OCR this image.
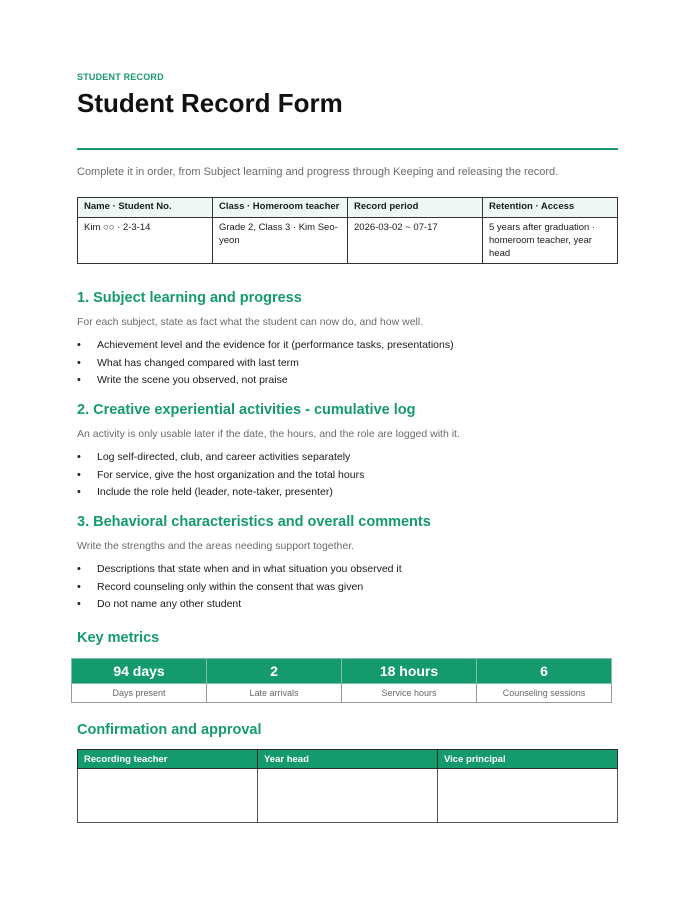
STUDENT RECORD
Student Record Form
Complete it in order, from Subject learning and progress through Keeping and releasing the record.
Name · Student No.	Class · Homeroom teacher	Record period	Retention · Access
Kim ○○ · 2-3-14	Grade 2, Class 3 · Kim Seo-yeon	2026-03-02 ~ 07-17	5 years after graduation · homeroom teacher, year head
1. Subject learning and progress
For each subject, state as fact what the student can now do, and how well.
• Achievement level and the evidence for it (performance tasks, presentations)
• What has changed compared with last term
• Write the scene you observed, not praise
2. Creative experiential activities - cumulative log
An activity is only usable later if the date, the hours, and the role are logged with it.
• Log self-directed, club, and career activities separately
• For service, give the host organization and the total hours
• Include the role held (leader, note-taker, presenter)
3. Behavioral characteristics and overall comments
Write the strengths and the areas needing support together.
• Descriptions that state when and in what situation you observed it
• Record counseling only within the consent that was given
• Do not name any other student
Key metrics
94 days	2	18 hours	6
Days present	Late arrivals	Service hours	Counseling sessions
Confirmation and approval
Recording teacher	Year head	Vice principal
